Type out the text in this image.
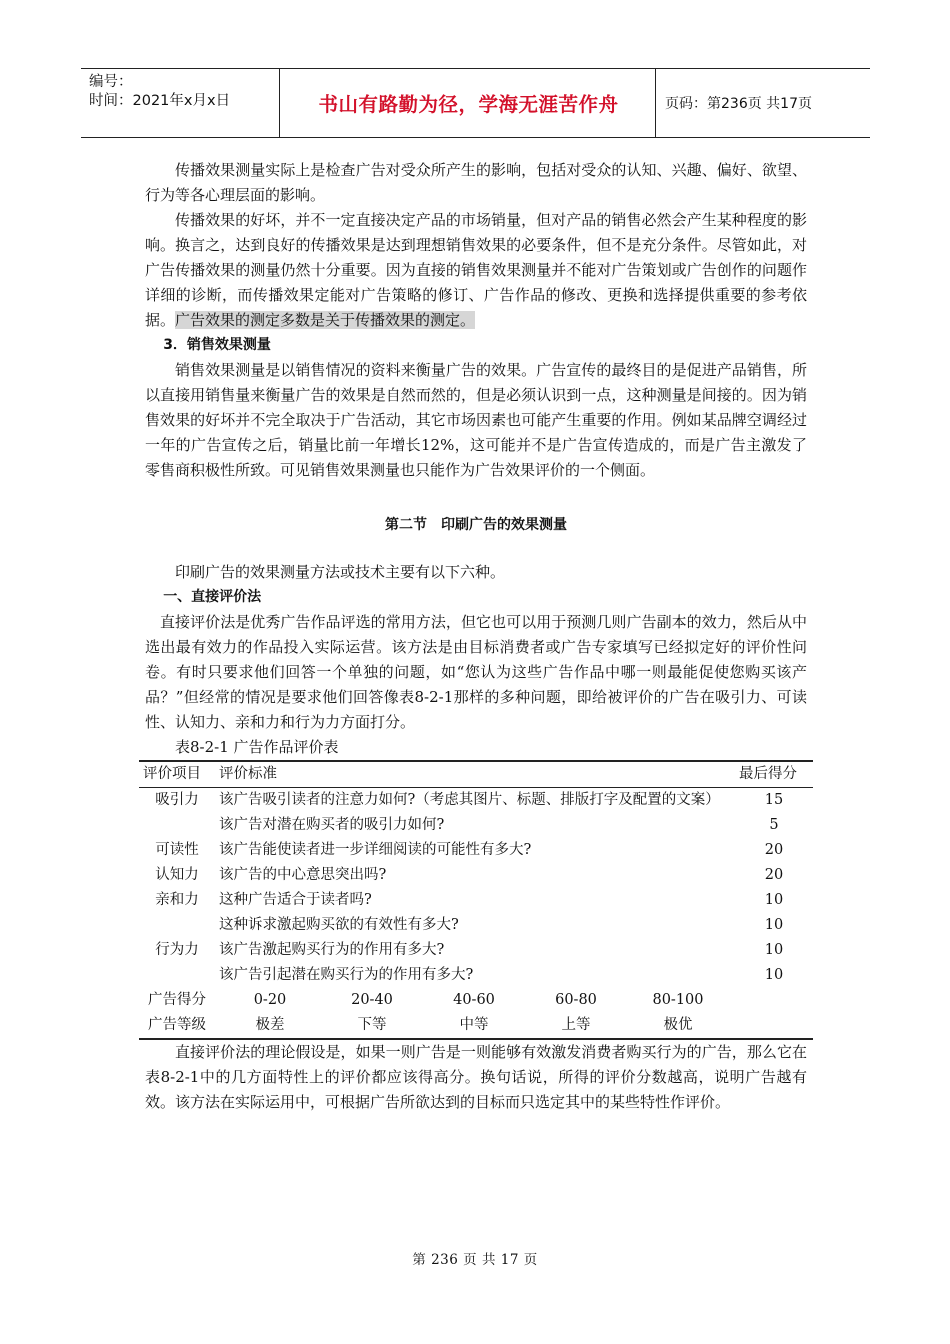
编号：
时间：2021年x月x日	书山有路勤为径，学海无涯苦作舟	页码：第236页 共17页

传播效果测量实际上是检查广告对受众所产生的影响，包括对受众的认知、兴趣、偏好、欲望、行为等各心理层面的影响。

传播效果的好坏，并不一定直接决定产品的市场销量，但对产品的销售必然会产生某种程度的影响。换言之，达到良好的传播效果是达到理想销售效果的必要条件，但不是充分条件。尽管如此，对广告传播效果的测量仍然十分重要。因为直接的销售效果测量并不能对广告策划或广告创作的问题作详细的诊断，而传播效果定能对广告策略的修订、广告作品的修改、更换和选择提供重要的参考依据。广告效果的测定多数是关于传播效果的测定。

3．销售效果测量

销售效果测量是以销售情况的资料来衡量广告的效果。广告宣传的最终目的是促进产品销售，所以直接用销售量来衡量广告的效果是自然而然的，但是必须认识到一点，这种测量是间接的。因为销售效果的好坏并不完全取决于广告活动，其它市场因素也可能产生重要的作用。例如某品牌空调经过一年的广告宣传之后，销量比前一年增长12%，这可能并不是广告宣传造成的，而是广告主激发了零售商积极性所致。可见销售效果测量也只能作为广告效果评价的一个侧面。

第二节　印刷广告的效果测量

印刷广告的效果测量方法或技术主要有以下六种。

一、直接评价法

直接评价法是优秀广告作品评选的常用方法，但它也可以用于预测几则广告副本的效力，然后从中选出最有效力的作品投入实际运营。该方法是由目标消费者或广告专家填写已经拟定好的评价性问卷。有时只要求他们回答一个单独的问题，如“您认为这些广告作品中哪一则最能促使您购买该产品？”但经常的情况是要求他们回答像表8-2-1那样的多种问题，即给被评价的广告在吸引力、可读性、认知力、亲和力和行为力方面打分。

表8-2-1 广告作品评价表

评价项目	评价标准	最后得分
吸引力	该广告吸引读者的注意力如何?（考虑其图片、标题、排版打字及配置的文案）	15
	该广告对潜在购买者的吸引力如何?	5
可读性	该广告能使读者进一步详细阅读的可能性有多大?	20
认知力	该广告的中心意思突出吗?	20
亲和力	这种广告适合于读者吗?	10
	这种诉求激起购买欲的有效性有多大?	10
行为力	该广告激起购买行为的作用有多大?	10
	该广告引起潜在购买行为的作用有多大?	10
广告得分	0-20 20-40 40-60 60-80 80-100	

广告等级	极差 下等 中等 上等 极优	

直接评价法的理论假设是，如果一则广告是一则能够有效激发消费者购买行为的广告，那么它在表8-2-1中的几方面特性上的评价都应该得高分。换句话说，所得的评价分数越高，说明广告越有效。该方法在实际运用中，可根据广告所欲达到的目标而只选定其中的某些特性作评价。

第 236 页 共 17 页
